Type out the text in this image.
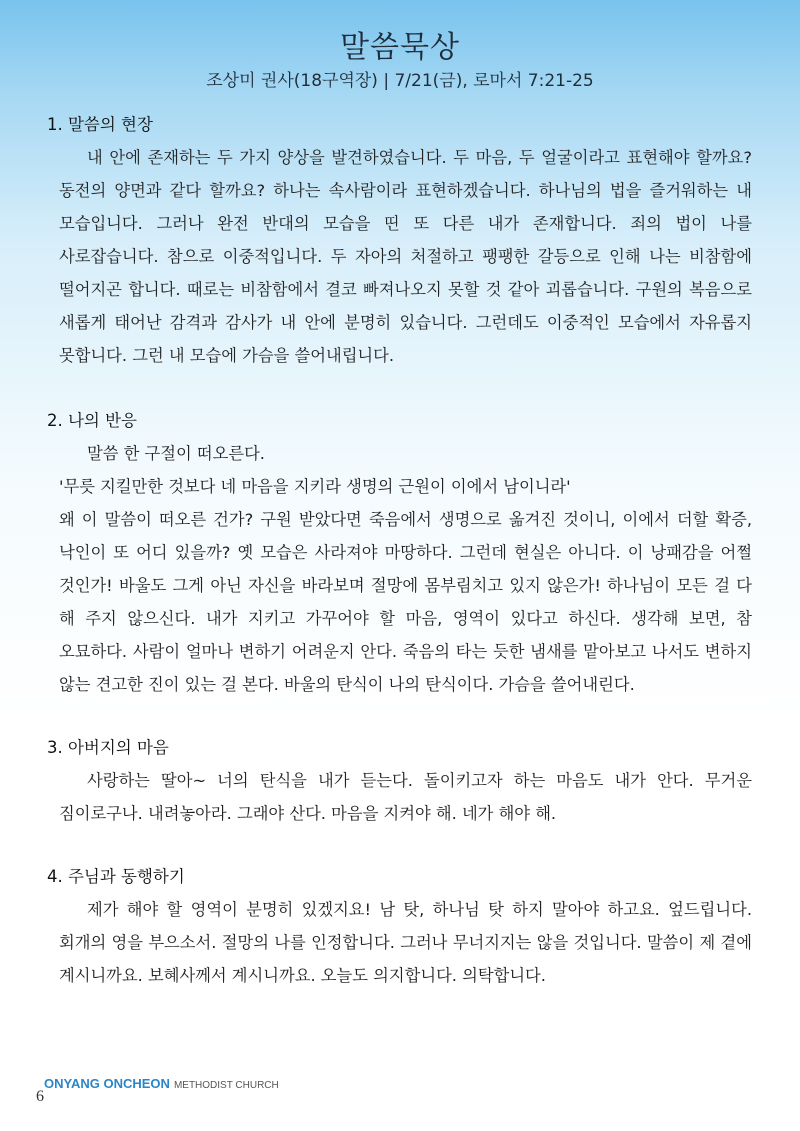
말씀묵상
조상미 권사(18구역장) | 7/21(금), 로마서 7:21-25
1. 말씀의 현장

내 안에 존재하는 두 가지 양상을 발견하였습니다. 두 마음, 두 얼굴이라고 표현해야 할까요? 동전의 양면과 같다 할까요? 하나는 속사람이라 표현하겠습니다. 하나님의 법을 즐거워하는 내 모습입니다. 그러나 완전 반대의 모습을 띤 또 다른 내가 존재합니다. 죄의 법이 나를 사로잡습니다. 참으로 이중적입니다. 두 자아의 처절하고 팽팽한 갈등으로 인해 나는 비참함에 떨어지곤 합니다. 때로는 비참함에서 결코 빠져나오지 못할 것 같아 괴롭습니다. 구원의 복음으로 새롭게 태어난 감격과 감사가 내 안에 분명히 있습니다. 그런데도 이중적인 모습에서 자유롭지 못합니다. 그런 내 모습에 가슴을 쓸어내립니다.

2. 나의 반응

말씀 한 구절이 떠오른다.

'무릇 지킬만한 것보다 네 마음을 지키라 생명의 근원이 이에서 남이니라'

왜 이 말씀이 떠오른 건가? 구원 받았다면 죽음에서 생명으로 옮겨진 것이니, 이에서 더할 확증, 낙인이 또 어디 있을까? 옛 모습은 사라져야 마땅하다. 그런데 현실은 아니다. 이 낭패감을 어쩔 것인가! 바울도 그게 아닌 자신을 바라보며 절망에 몸부림치고 있지 않은가! 하나님이 모든 걸 다 해 주지 않으신다. 내가 지키고 가꾸어야 할 마음, 영역이 있다고 하신다. 생각해 보면, 참 오묘하다. 사람이 얼마나 변하기 어려운지 안다. 죽음의 타는 듯한 냄새를 맡아보고 나서도 변하지 않는 견고한 진이 있는 걸 본다. 바울의 탄식이 나의 탄식이다. 가슴을 쓸어내린다.

3. 아버지의 마음

사랑하는 딸아~ 너의 탄식을 내가 듣는다. 돌이키고자 하는 마음도 내가 안다. 무거운 짐이로구나. 내려놓아라. 그래야 산다. 마음을 지켜야 해. 네가 해야 해.

4. 주님과 동행하기

제가 해야 할 영역이 분명히 있겠지요! 남 탓, 하나님 탓 하지 말아야 하고요. 엎드립니다. 회개의 영을 부으소서. 절망의 나를 인정합니다. 그러나 무너지지는 않을 것입니다. 말씀이 제 곁에 계시니까요. 보혜사께서 계시니까요. 오늘도 의지합니다. 의탁합니다.

ONYANG ONCHEON METHODIST CHURCH
6
